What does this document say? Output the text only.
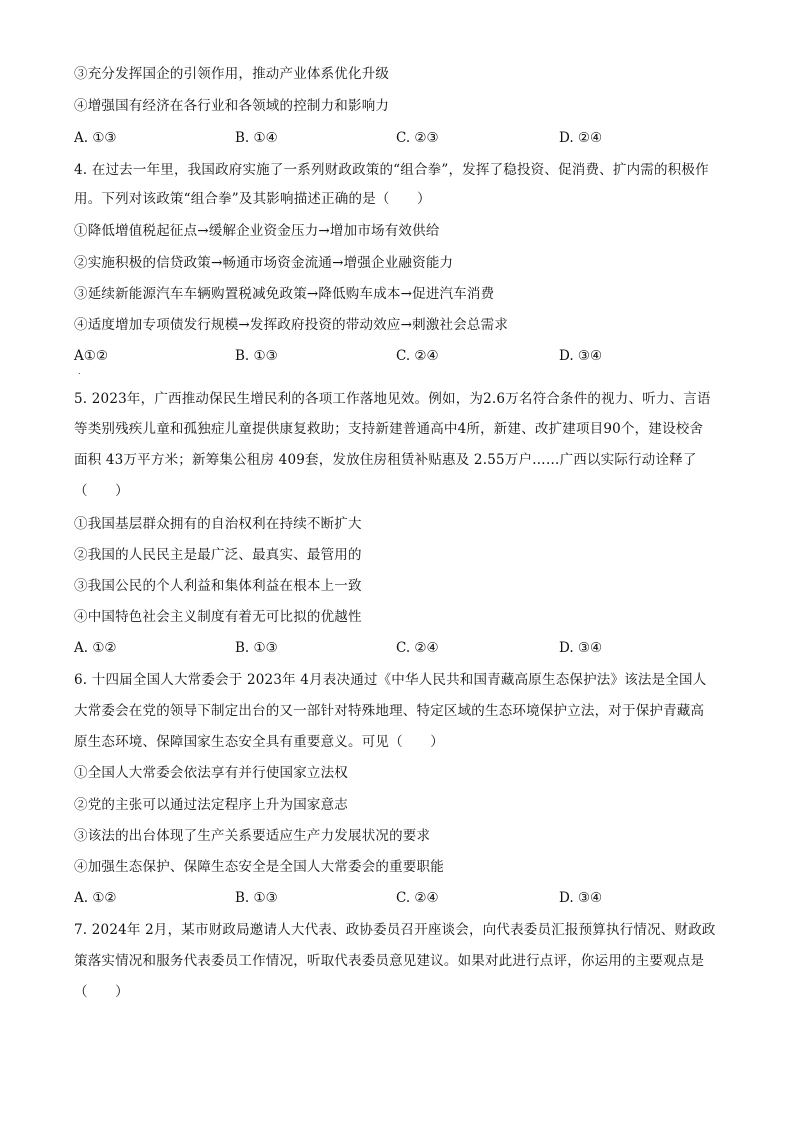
③充分发挥国企的引领作用，推动产业体系优化升级
④增强国有经济在各行业和各领域的控制力和影响力
A. ①③	B. ①④	C. ②③	D. ②④
4. 在过去一年里，我国政府实施了一系列财政政策的“组合拳”，发挥了稳投资、促消费、扩内需的积极作
用。下列对该政策“组合拳”及其影响描述正确的是（　　）
①降低增值税起征点→缓解企业资金压力→增加市场有效供给
②实施积极的信贷政策→畅通市场资金流通→增强企业融资能力
③延续新能源汽车车辆购置税减免政策→降低购车成本→促进汽车消费
④适度增加专项债发行规模→发挥政府投资的带动效应→刺激社会总需求
A①②	B. ①③	C. ②④	D. ③④
.
5. 2023年，广西推动保民生增民利的各项工作落地见效。例如，为2.6万名符合条件的视力、听力、言语
等类别残疾儿童和孤独症儿童提供康复救助；支持新建普通高中4所，新建、改扩建项目90个，建设校舍
面积 43万平方米；新筹集公租房 409套，发放住房租赁补贴惠及 2.55万户……广西以实际行动诠释了
（　　）
①我国基层群众拥有的自治权利在持续不断扩大
②我国的人民民主是最广泛、最真实、最管用的
③我国公民的个人利益和集体利益在根本上一致
④中国特色社会主义制度有着无可比拟的优越性
A. ①②	B. ①③	C. ②④	D. ③④
6. 十四届全国人大常委会于 2023年 4月表决通过《中华人民共和国青藏高原生态保护法》该法是全国人
大常委会在党的领导下制定出台的又一部针对特殊地理、特定区域的生态环境保护立法，对于保护青藏高
原生态环境、保障国家生态安全具有重要意义。可见（　　）
①全国人大常委会依法享有并行使国家立法权
②党的主张可以通过法定程序上升为国家意志
③该法的出台体现了生产关系要适应生产力发展状况的要求
④加强生态保护、保障生态安全是全国人大常委会的重要职能
A. ①②	B. ①③	C. ②④	D. ③④
7. 2024年 2月，某市财政局邀请人大代表、政协委员召开座谈会，向代表委员汇报预算执行情况、财政政
策落实情况和服务代表委员工作情况，听取代表委员意见建议。如果对此进行点评，你运用的主要观点是
（　　）
